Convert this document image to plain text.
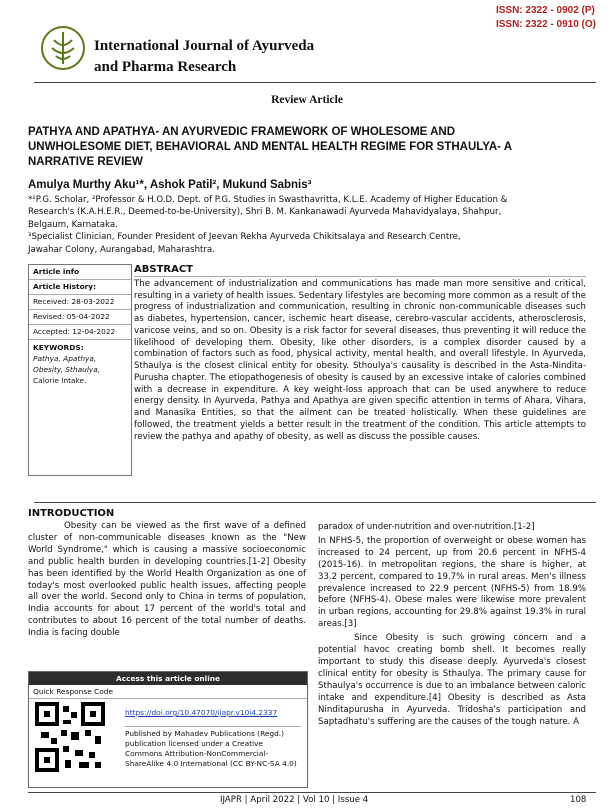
International Journal of Ayurveda
and Pharma Research
ISSN: 2322 - 0902 (P)
ISSN: 2322 - 0910 (O)
Review Article
PATHYA AND APATHYA- AN AYURVEDIC FRAMEWORK OF WHOLESOME AND
UNWHOLESOME DIET, BEHAVIORAL AND MENTAL HEALTH REGIME FOR STHAULYA- A
NARRATIVE REVIEW
Amulya Murthy Aku¹*, Ashok Patil², Mukund Sabnis³
*¹P.G. Scholar, ²Professor & H.O.D. Dept. of P.G. Studies in Swasthavritta, K.L.E. Academy of Higher Education &
Research's (K.A.H.E.R., Deemed-to-be-University), Shri B. M. Kankanawadi Ayurveda Mahavidyalaya, Shahpur,
Belgaum, Karnataka.
³Specialist Clinician, Founder President of Jeevan Rekha Ayurveda Chikitsalaya and Research Centre,
Jawahar Colony, Aurangabad, Maharashtra.
Article info
Article History:
Received: 28-03-2022
Revised: 05-04-2022
Accepted: 12-04-2022
KEYWORDS:
Pathya, Apathya,
Obesity, Sthaulya,
Calorie Intake.
ABSTRACT
The advancement of industrialization and communications has made man more sensitive and critical, resulting in a variety of health issues. Sedentary lifestyles are becoming more common as a result of the progress of industrialization and communication, resulting in chronic non-communicable diseases such as diabetes, hypertension, cancer, ischemic heart disease, cerebro-vascular accidents, atherosclerosis, varicose veins, and so on. Obesity is a risk factor for several diseases, thus preventing it will reduce the likelihood of developing them. Obesity, like other disorders, is a complex disorder caused by a combination of factors such as food, physical activity, mental health, and overall lifestyle. In Ayurveda, Sthaulya is the closest clinical entity for obesity. Sthoulya's causality is described in the Asta-Nindita-Purusha chapter. The etiopathogenesis of obesity is caused by an excessive intake of calories combined with a decrease in expenditure. A key weight-loss approach that can be used anywhere to reduce energy density. In Ayurveda, Pathya and Apathya are given specific attention in terms of Ahara, Vihara, and Manasika Entities, so that the ailment can be treated holistically. When these guidelines are followed, the treatment yields a better result in the treatment of the condition. This article attempts to review the pathya and apathy of obesity, as well as discuss the possible causes.
INTRODUCTION
Obesity can be viewed as the first wave of a defined cluster of non-communicable diseases known as the "New World Syndrome," which is causing a massive socioeconomic and public health burden in developing countries.[1-2] Obesity has been identified by the World Health Organization as one of today's most overlooked public health issues, affecting people all over the world. Second only to China in terms of population, India accounts for about 17 percent of the world's total and contributes to about 16 percent of the total number of deaths. India is facing double
paradox of under-nutrition and over-nutrition.[1-2]
In NFHS-5, the proportion of overweight or obese women has increased to 24 percent, up from 20.6 percent in NFHS-4 (2015-16). In metropolitan regions, the share is higher, at 33.2 percent, compared to 19.7% in rural areas. Men's illness prevalence increased to 22.9 percent (NFHS-5) from 18.9% before (NFHS-4). Obese males were likewise more prevalent in urban regions, accounting for 29.8% against 19.3% in rural areas.[3]
Since Obesity is such growing concern and a potential havoc creating bomb shell. It becomes really important to study this disease deeply. Ayurveda's closest clinical entity for obesity is Sthaulya. The primary cause for Sthaulya's occurrence is due to an imbalance between caloric intake and expenditure.[4] Obesity is described as Asta Ninditapurusha in Ayurveda. Tridosha's participation and Saptadhatu's suffering are the causes of the tough nature. A
Access this article online
Quick Response Code
https://doi.org/10.47070/ijapr.v10i4.2337
Published by Mahadev Publications (Regd.) publication licensed under a Creative Commons Attribution-NonCommercial-ShareAlike 4.0 International (CC BY-NC-SA 4.0)
IJAPR | April 2022 | Vol 10 | Issue 4	108
